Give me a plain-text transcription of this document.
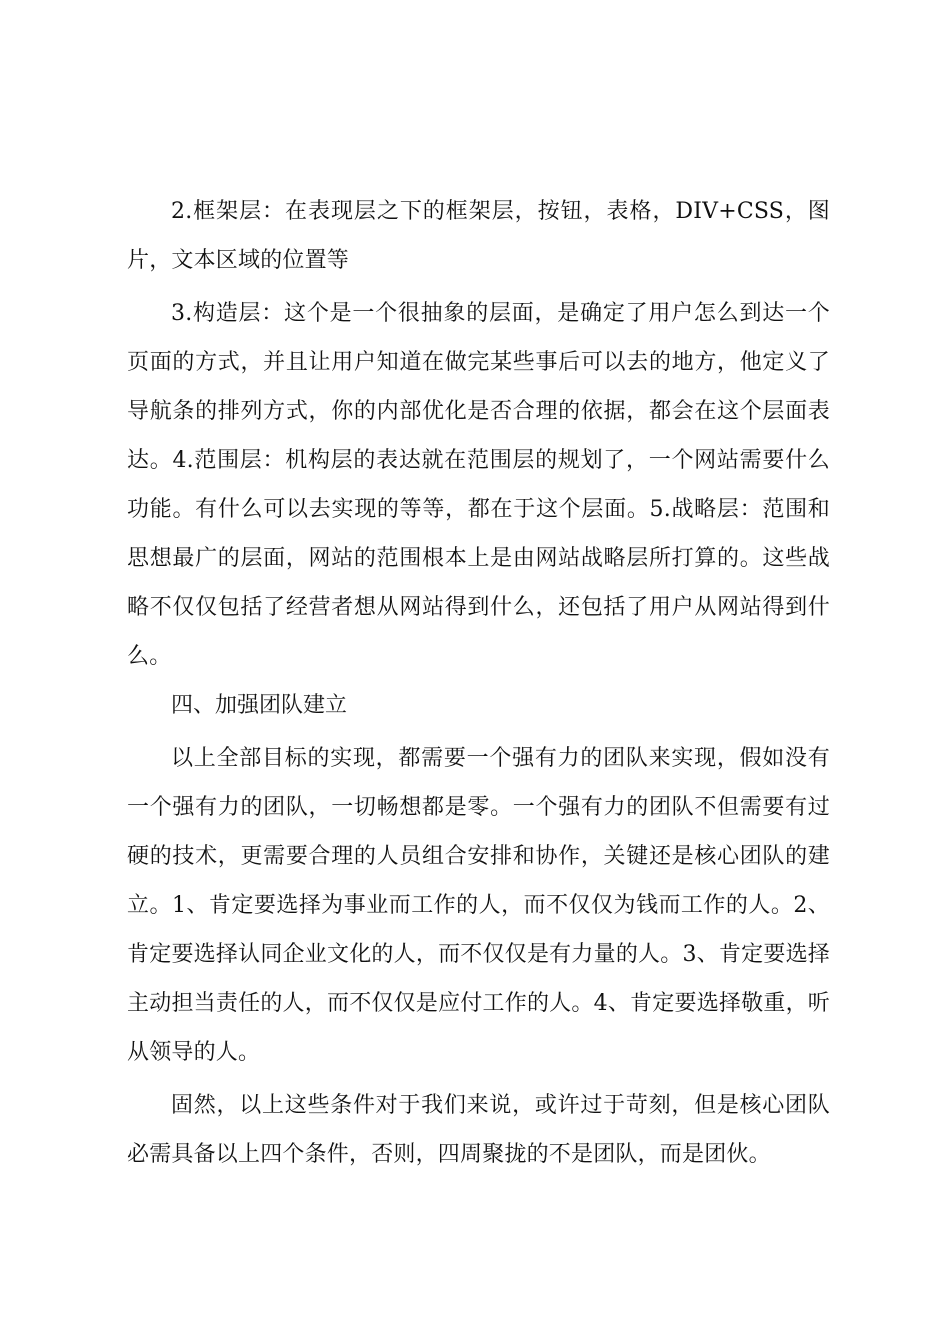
2.框架层：在表现层之下的框架层，按钮，表格，DIV+CSS，图片，文本区域的位置等

3.构造层：这个是一个很抽象的层面，是确定了用户怎么到达一个页面的方式，并且让用户知道在做完某些事后可以去的地方，他定义了导航条的排列方式，你的内部优化是否合理的依据，都会在这个层面表达。4.范围层：机构层的表达就在范围层的规划了，一个网站需要什么功能。有什么可以去实现的等等，都在于这个层面。5.战略层：范围和思想最广的层面，网站的范围根本上是由网站战略层所打算的。这些战略不仅仅包括了经营者想从网站得到什么，还包括了用户从网站得到什么。

四、加强团队建立

以上全部目标的实现，都需要一个强有力的团队来实现，假如没有一个强有力的团队，一切畅想都是零。一个强有力的团队不但需要有过硬的技术，更需要合理的人员组合安排和协作，关键还是核心团队的建立。1、肯定要选择为事业而工作的人，而不仅仅为钱而工作的人。2、肯定要选择认同企业文化的人，而不仅仅是有力量的人。3、肯定要选择主动担当责任的人，而不仅仅是应付工作的人。4、肯定要选择敬重，听从领导的人。

固然，以上这些条件对于我们来说，或许过于苛刻，但是核心团队必需具备以上四个条件，否则，四周聚拢的不是团队，而是团伙。
